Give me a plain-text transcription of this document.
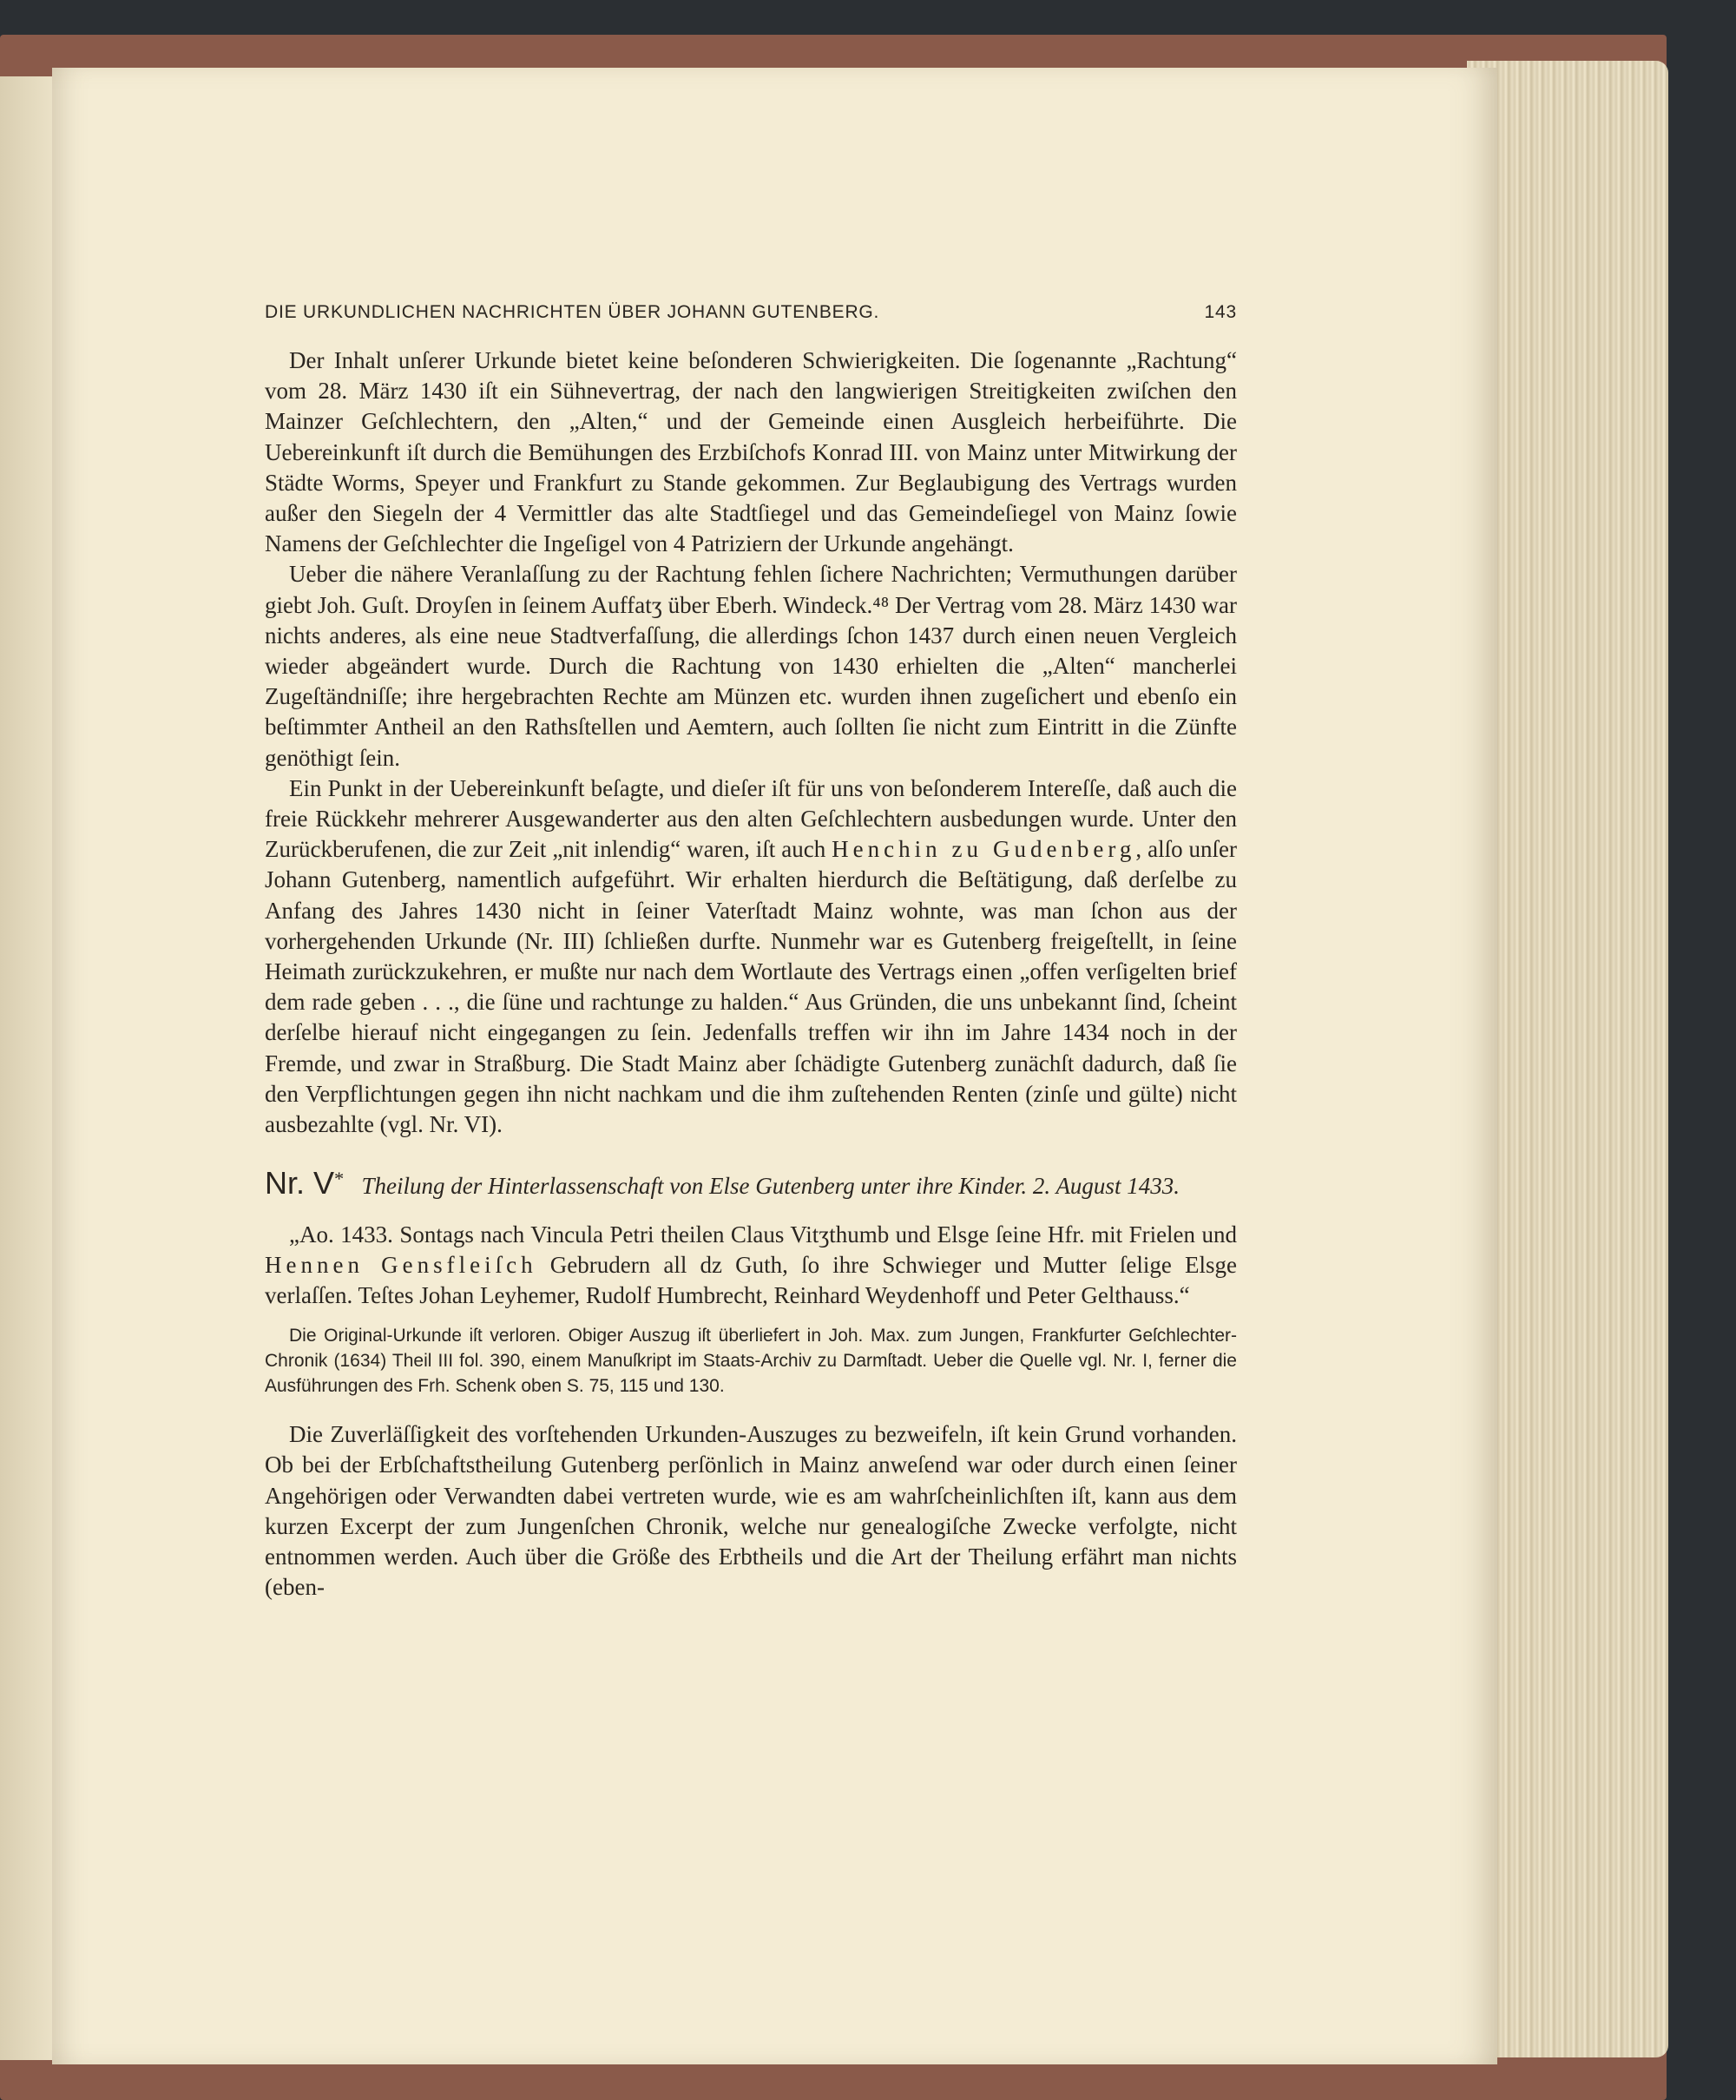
DIE URKUNDLICHEN NACHRICHTEN ÜBER JOHANN GUTENBERG.	143

Der Inhalt unſerer Urkunde bietet keine beſonderen Schwierigkeiten. Die ſogenannte „Rachtung“ vom 28. März 1430 iſt ein Sühnevertrag, der nach den langwierigen Streitigkeiten zwiſchen den Mainzer Geſchlechtern, den „Alten,“ und der Gemeinde einen Ausgleich herbeiführte. Die Uebereinkunft iſt durch die Bemühungen des Erzbiſchofs Konrad III. von Mainz unter Mitwirkung der Städte Worms, Speyer und Frankfurt zu Stande gekommen. Zur Beglaubigung des Vertrags wurden außer den Siegeln der 4 Vermittler das alte Stadtſiegel und das Gemeindeſiegel von Mainz ſowie Namens der Geſchlechter die Ingeſigel von 4 Patriziern der Urkunde angehängt.

Ueber die nähere Veranlaſſung zu der Rachtung fehlen ſichere Nachrichten; Vermuthungen darüber giebt Joh. Guſt. Droyſen in ſeinem Auffatʒ über Eberh. Windeck.⁴⁸ Der Vertrag vom 28. März 1430 war nichts anderes, als eine neue Stadtverfaſſung, die allerdings ſchon 1437 durch einen neuen Vergleich wieder abgeändert wurde. Durch die Rachtung von 1430 erhielten die „Alten“ mancherlei Zugeſtändniſſe; ihre hergebrachten Rechte am Münzen etc. wurden ihnen zugeſichert und ebenſo ein beſtimmter Antheil an den Rathsſtellen und Aemtern, auch ſollten ſie nicht zum Eintritt in die Zünfte genöthigt ſein.

Ein Punkt in der Uebereinkunft beſagte, und dieſer iſt für uns von beſonderem Intereſſe, daß auch die freie Rückkehr mehrerer Ausgewanderter aus den alten Geſchlechtern ausbedungen wurde. Unter den Zurückberufenen, die zur Zeit „nit inlendig“ waren, iſt auch Henchin zu Gudenberg, alſo unſer Johann Gutenberg, namentlich aufgeführt. Wir erhalten hierdurch die Beſtätigung, daß derſelbe zu Anfang des Jahres 1430 nicht in ſeiner Vaterſtadt Mainz wohnte, was man ſchon aus der vorhergehenden Urkunde (Nr. III) ſchließen durfte. Nunmehr war es Gutenberg freigeſtellt, in ſeine Heimath zurückzukehren, er mußte nur nach dem Wortlaute des Vertrags einen „offen verſigelten brief dem rade geben . . ., die ſüne und rachtunge zu halden.“ Aus Gründen, die uns unbekannt ſind, ſcheint derſelbe hierauf nicht eingegangen zu ſein. Jedenfalls treffen wir ihn im Jahre 1434 noch in der Fremde, und zwar in Straßburg. Die Stadt Mainz aber ſchädigte Gutenberg zunächſt dadurch, daß ſie den Verpflichtungen gegen ihn nicht nachkam und die ihm zuſtehenden Renten (zinſe und gülte) nicht ausbezahlte (vgl. Nr. VI).

Nr. V* Theilung der Hinterlassenschaft von Else Gutenberg unter ihre Kinder. 2. August 1433.

„Ao. 1433. Sontags nach Vincula Petri theilen Claus Vitʒthumb und Elsge ſeine Hfr. mit Frielen und Hennen Gensfleiſch Gebrudern all dz Guth, ſo ihre Schwieger und Mutter ſelige Elsge verlaſſen. Teſtes Johan Leyhemer, Rudolf Humbrecht, Reinhard Weydenhoff und Peter Gelthauss.“

Die Original-Urkunde iſt verloren. Obiger Auszug iſt überliefert in Joh. Max. zum Jungen, Frankfurter Geſchlechter-Chronik (1634) Theil III fol. 390, einem Manuſkript im Staats-Archiv zu Darmſtadt. Ueber die Quelle vgl. Nr. I, ferner die Ausführungen des Frh. Schenk oben S. 75, 115 und 130.

Die Zuverläſſigkeit des vorſtehenden Urkunden-Auszuges zu bezweifeln, iſt kein Grund vorhanden. Ob bei der Erbſchaftstheilung Gutenberg perſönlich in Mainz anweſend war oder durch einen ſeiner Angehörigen oder Verwandten dabei vertreten wurde, wie es am wahrſcheinlichſten iſt, kann aus dem kurzen Excerpt der zum Jungenſchen Chronik, welche nur genealogiſche Zwecke verfolgte, nicht entnommen werden. Auch über die Größe des Erbtheils und die Art der Theilung erfährt man nichts (eben-
